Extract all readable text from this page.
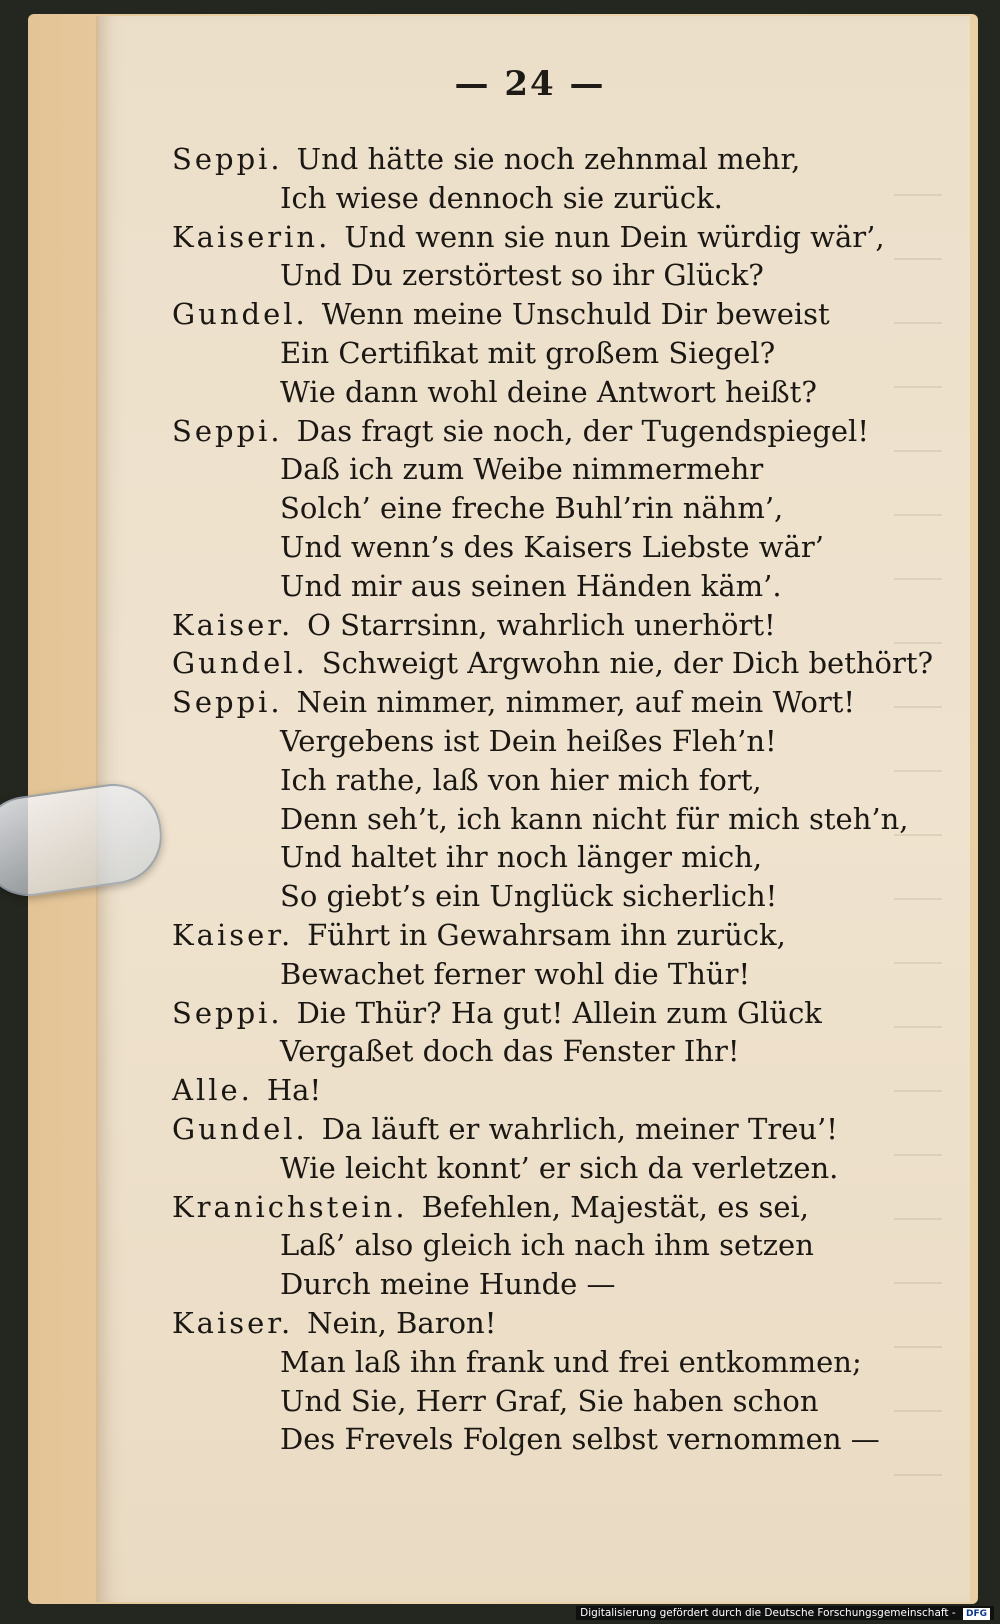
— 24 —
Seppi. Und hätte sie noch zehnmal mehr,
Ich wiese dennoch sie zurück.
Kaiserin. Und wenn sie nun Dein würdig wär’,
Und Du zerstörtest so ihr Glück?
Gundel. Wenn meine Unschuld Dir beweist
Ein Certifikat mit großem Siegel?
Wie dann wohl deine Antwort heißt?
Seppi. Das fragt sie noch, der Tugendspiegel!
Daß ich zum Weibe nimmermehr
Solch’ eine freche Buhl’rin nähm’,
Und wenn’s des Kaisers Liebste wär’
Und mir aus seinen Händen käm’.
Kaiser. O Starrsinn, wahrlich unerhört!
Gundel. Schweigt Argwohn nie, der Dich bethört?
Seppi. Nein nimmer, nimmer, auf mein Wort!
Vergebens ist Dein heißes Fleh’n!
Ich rathe, laß von hier mich fort,
Denn seh’t, ich kann nicht für mich steh’n,
Und haltet ihr noch länger mich,
So giebt’s ein Unglück sicherlich!
Kaiser. Führt in Gewahrsam ihn zurück,
Bewachet ferner wohl die Thür!
Seppi. Die Thür? Ha gut! Allein zum Glück
Vergaßet doch das Fenster Ihr!
Alle. Ha!
Gundel. Da läuft er wahrlich, meiner Treu’!
Wie leicht konnt’ er sich da verletzen.
Kranichstein. Befehlen, Majestät, es sei,
Laß’ also gleich ich nach ihm setzen
Durch meine Hunde —
Kaiser. Nein, Baron!
Man laß ihn frank und frei entkommen;
Und Sie, Herr Graf, Sie haben schon
Des Frevels Folgen selbst vernommen —
Digitalisierung gefördert durch die Deutsche Forschungsgemeinschaft - DFG
